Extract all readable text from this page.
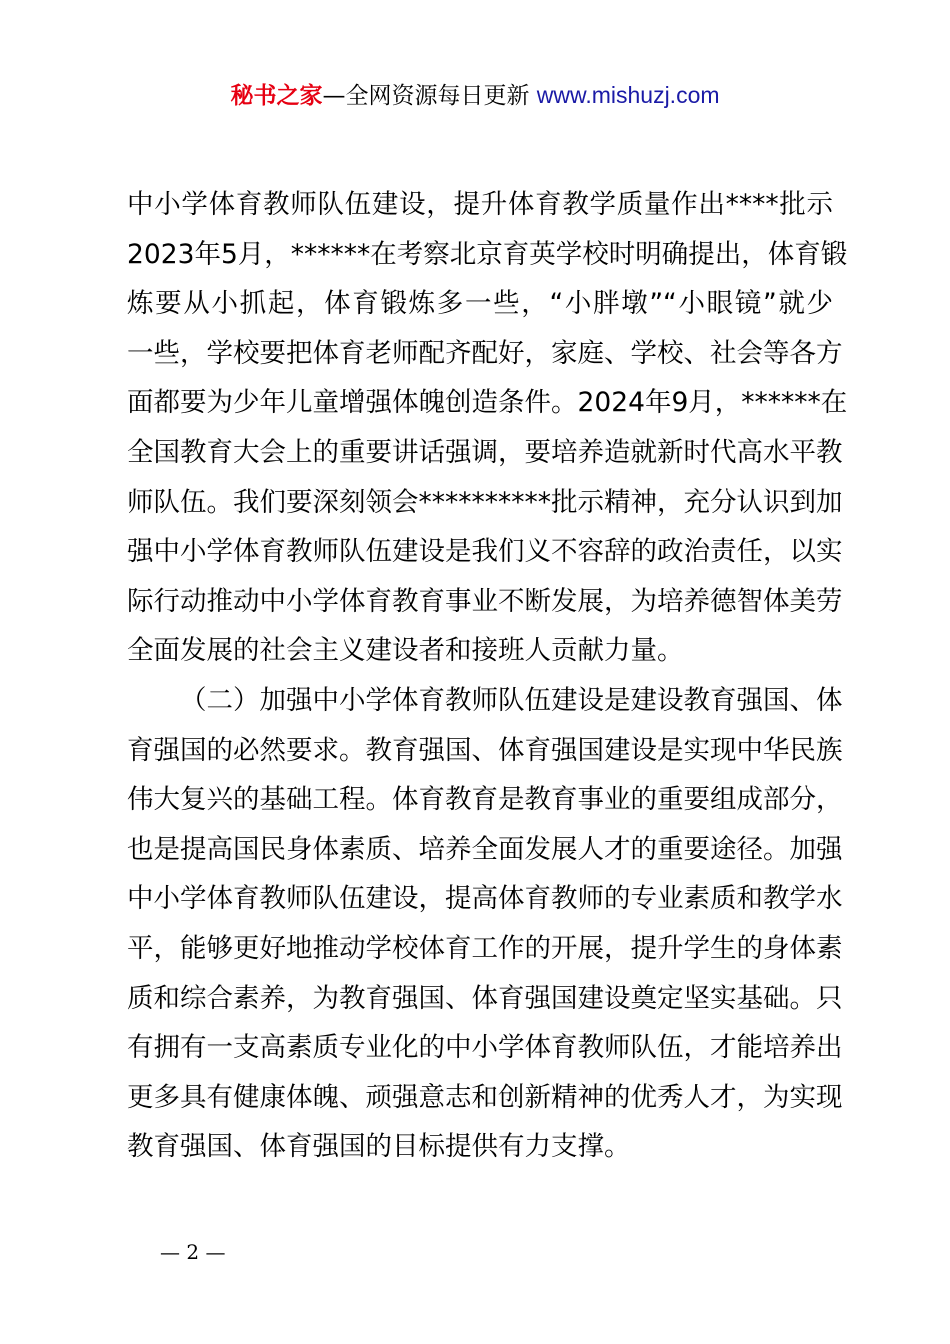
秘书之家—全网资源每日更新 www.mishuzj.com
中小学体育教师队伍建设，提升体育教学质量作出****批示
2023年5月，******在考察北京育英学校时明确提出，体育锻
炼要从小抓起，体育锻炼多一些，“小胖墩”“小眼镜”就少
一些，学校要把体育老师配齐配好，家庭、学校、社会等各方
面都要为少年儿童增强体魄创造条件。2024年9月，******在
全国教育大会上的重要讲话强调，要培养造就新时代高水平教
师队伍。我们要深刻领会**********批示精神，充分认识到加
强中小学体育教师队伍建设是我们义不容辞的政治责任，以实
际行动推动中小学体育教育事业不断发展，为培养德智体美劳
全面发展的社会主义建设者和接班人贡献力量。
（二）加强中小学体育教师队伍建设是建设教育强国、体
育强国的必然要求。教育强国、体育强国建设是实现中华民族
伟大复兴的基础工程。体育教育是教育事业的重要组成部分，
也是提高国民身体素质、培养全面发展人才的重要途径。加强
中小学体育教师队伍建设，提高体育教师的专业素质和教学水
平，能够更好地推动学校体育工作的开展，提升学生的身体素
质和综合素养，为教育强国、体育强国建设奠定坚实基础。只
有拥有一支高素质专业化的中小学体育教师队伍，才能培养出
更多具有健康体魄、顽强意志和创新精神的优秀人才，为实现
教育强国、体育强国的目标提供有力支撑。
— 2 —
